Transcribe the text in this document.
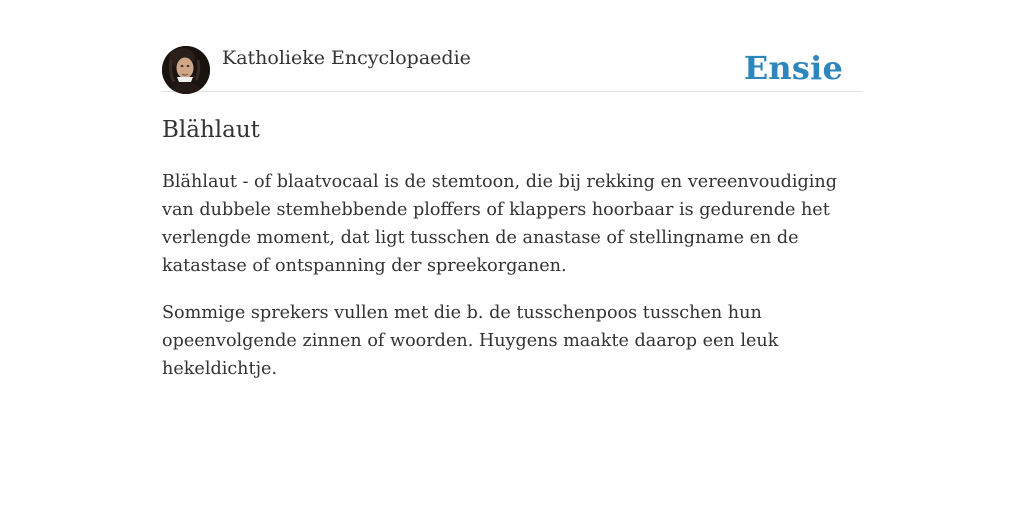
Katholieke Encyclopaedie	Ensie
Blählaut

Blählaut - of blaatvocaal is de stemtoon, die bij rekking en vereenvoudiging van dubbele stemhebbende ploffers of klappers hoorbaar is gedurende het verlengde moment, dat ligt tusschen de anastase of stellingname en de katastase of ontspanning der spreekorganen.

Sommige sprekers vullen met die b. de tusschenpoos tusschen hun opeenvolgende zinnen of woorden. Huygens maakte daarop een leuk hekeldichtje.
